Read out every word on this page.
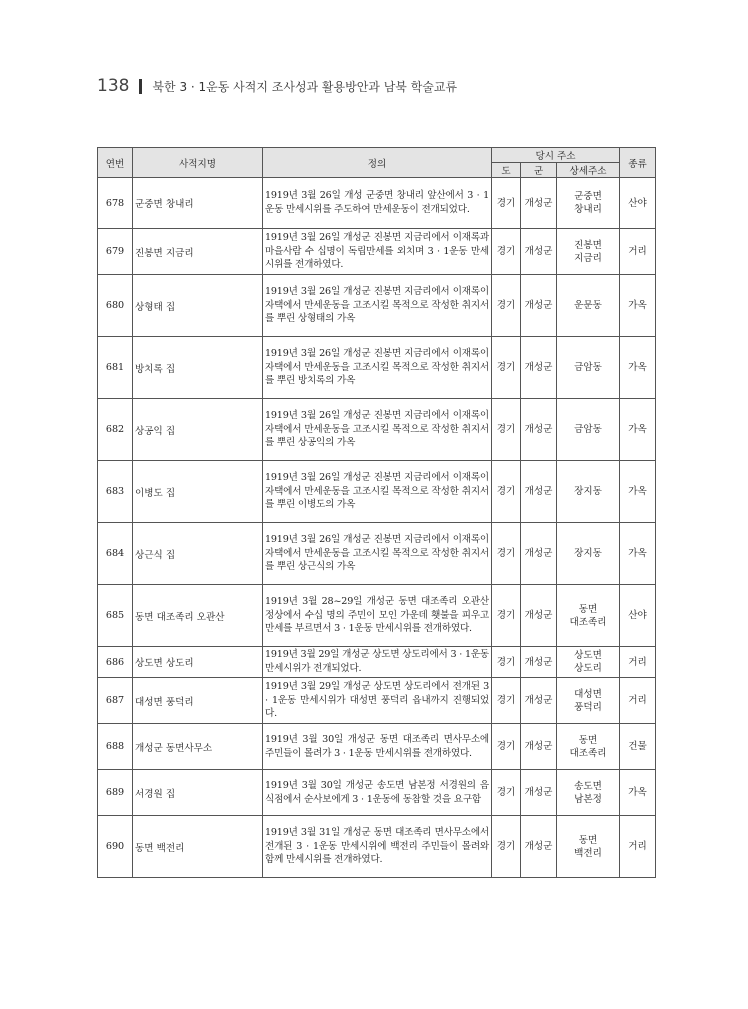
138 북한 3 · 1운동 사적지 조사성과 활용방안과 남북 학술교류
연번	사적지명	정의	당시 주소			종류
			도	군	상세주소	
678	군중면 창내리	1919년 3월 26일 개성 군중면 창내리 앞산에서 3 · 1운동 만세시위를 주도하여 만세운동이 전개되었다.	경기	개성군	군중면
창내리	산야
679	진봉면 지금리	1919년 3월 26일 개성군 진봉면 지금리에서 이재록과 마을사람 수 십명이 독립만세를 외치며 3 · 1운동 만세시위를 전개하였다.	경기	개성군	진봉면
지금리	거리
680	상형태 집	1919년 3월 26일 개성군 진봉면 지금리에서 이재록이 자택에서 만세운동을 고조시킬 목적으로 작성한 취지서를 뿌린 상형태의 가옥	경기	개성군	운문동	가옥
681	방치록 집	1919년 3월 26일 개성군 진봉면 지금리에서 이재록이 자택에서 만세운동을 고조시킬 목적으로 작성한 취지서를 뿌린 방치록의 가옥	경기	개성군	금암동	가옥
682	상공익 집	1919년 3월 26일 개성군 진봉면 지금리에서 이재록이 자택에서 만세운동을 고조시킬 목적으로 작성한 취지서를 뿌린 상공익의 가옥	경기	개성군	금암동	가옥
683	이병도 집	1919년 3월 26일 개성군 진봉면 지금리에서 이재록이 자택에서 만세운동을 고조시킬 목적으로 작성한 취지서를 뿌린 이병도의 가옥	경기	개성군	장지동	가옥
684	상근식 집	1919년 3월 26일 개성군 진봉면 지금리에서 이재록이 자택에서 만세운동을 고조시킬 목적으로 작성한 취지서를 뿌린 상근식의 가옥	경기	개성군	장지동	가옥
685	동면 대조족리 오관산	1919년 3월 28~29일 개성군 동면 대조족리 오관산 정상에서 수십 명의 주민이 모인 가운데 횃불을 피우고 만세를 부르면서 3 · 1운동 만세시위를 전개하였다.	경기	개성군	동면
대조족리	산야
686	상도면 상도리	1919년 3월 29일 개성군 상도면 상도리에서 3 · 1운동 만세시위가 전개되었다.	경기	개성군	상도면
상도리	거리
687	대성면 풍덕리	1919년 3월 29일 개성군 상도면 상도리에서 전개된 3 · 1운동 만세시위가 대성면 풍덕리 읍내까지 진행되었다.	경기	개성군	대성면
풍덕리	거리
688	개성군 동면사무소	1919년 3월 30일 개성군 동면 대조족리 면사무소에 주민들이 몰려가 3 · 1운동 만세시위를 전개하였다.	경기	개성군	동면
대조족리	건물
689	서경원 집	1919년 3월 30일 개성군 송도면 남본정 서경원의 음식점에서 순사보에게 3 · 1운동에 동참할 것을 요구함	경기	개성군	송도면
남본정	가옥
690	동면 백전리	1919년 3월 31일 개성군 동면 대조족리 면사무소에서 전개된 3 · 1운동 만세시위에 백전리 주민들이 몰려와 함께 만세시위를 전개하였다.	경기	개성군	동면
백전리	거리
